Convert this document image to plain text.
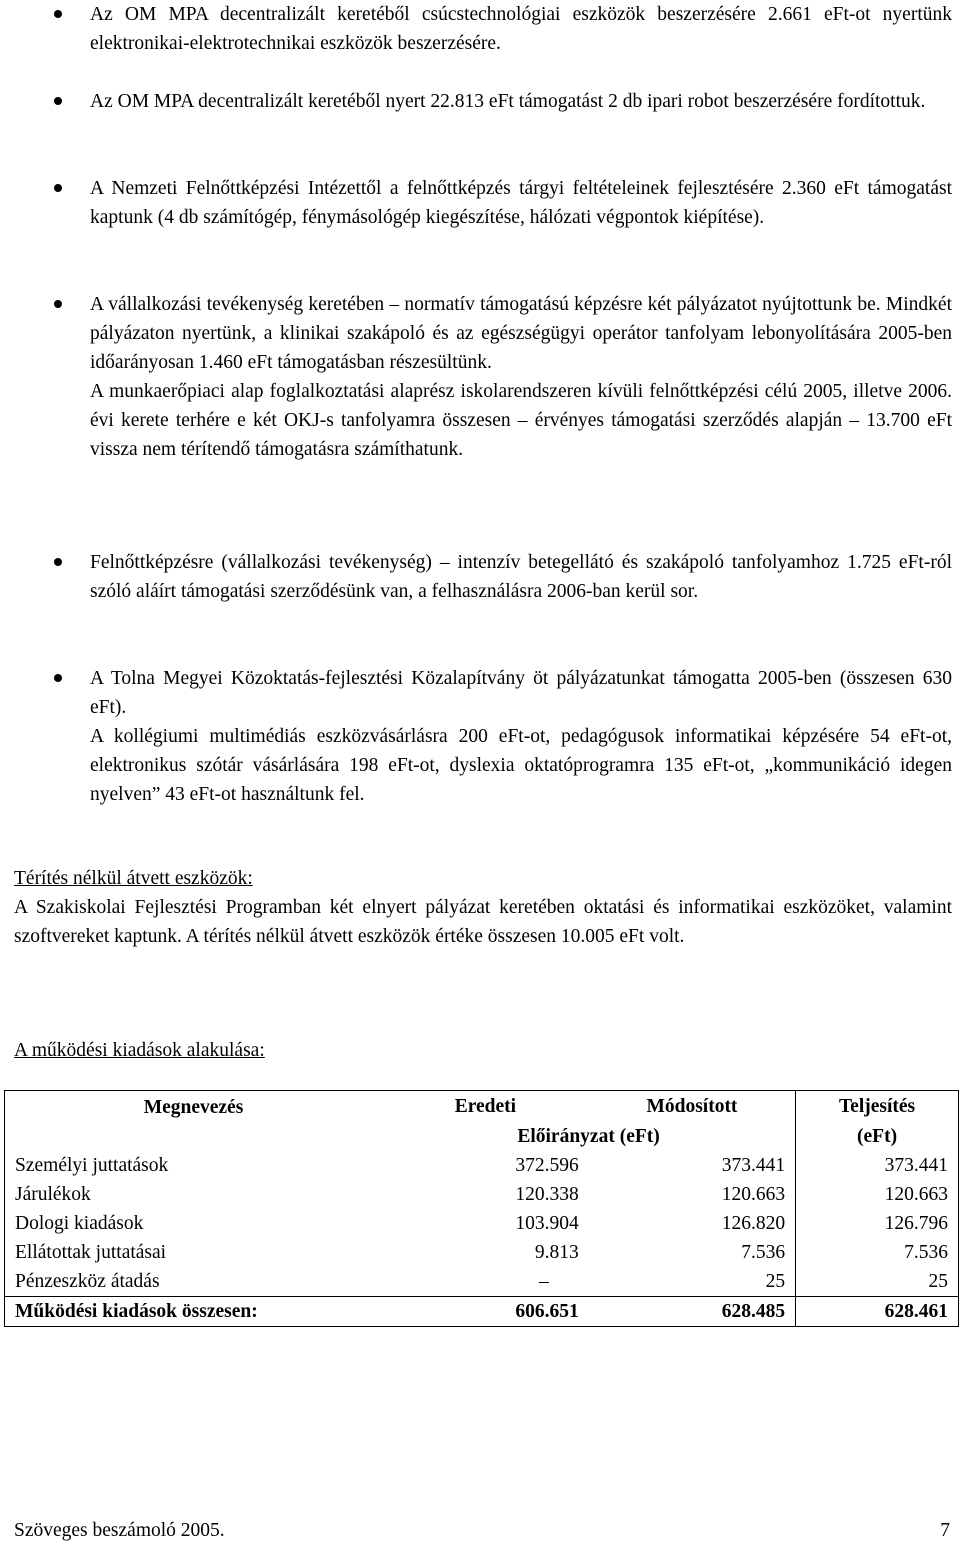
Az OM MPA decentralizált keretéből csúcstechnológiai eszközök beszerzésére 2.661 eFt-ot nyertünk elektronikai-elektrotechnikai eszközök beszerzésére.
Az OM MPA decentralizált keretéből nyert 22.813 eFt támogatást 2 db ipari robot beszerzésére fordítottuk.
A Nemzeti Felnőttképzési Intézettől a felnőttképzés tárgyi feltételeinek fejlesztésére 2.360 eFt támogatást kaptunk (4 db számítógép, fénymásológép kiegészítése, hálózati végpontok kiépítése).
A vállalkozási tevékenység keretében – normatív támogatású képzésre két pályázatot nyújtottunk be. Mindkét pályázaton nyertünk, a klinikai szakápoló és az egészségügyi operátor tanfolyam lebonyolítására 2005-ben időarányosan 1.460 eFt támogatásban részesültünk.
A munkaerőpiaci alap foglalkoztatási alaprész iskolarendszeren kívüli felnőttképzési célú 2005, illetve 2006. évi kerete terhére e két OKJ-s tanfolyamra összesen – érvényes támogatási szerződés alapján – 13.700 eFt vissza nem térítendő támogatásra számíthatunk.
Felnőttképzésre (vállalkozási tevékenység) – intenzív betegellátó és szakápoló tanfolyamhoz 1.725 eFt-ról szóló aláírt támogatási szerződésünk van, a felhasználásra 2006-ban kerül sor.
A Tolna Megyei Közoktatás-fejlesztési Közalapítvány öt pályázatunkat támogatta 2005-ben (összesen 630 eFt).
A kollégiumi multimédiás eszközvásárlásra 200 eFt-ot, pedagógusok informatikai képzésére 54 eFt-ot, elektronikus szótár vásárlására 198 eFt-ot, dyslexia oktatóprogramra 135 eFt-ot, „kommunikáció idegen nyelven” 43 eFt-ot használtunk fel.
Térítés nélkül átvett eszközök:
A Szakiskolai Fejlesztési Programban két elnyert pályázat keretében oktatási és informatikai eszközöket, valamint szoftvereket kaptunk. A térítés nélkül átvett eszközök értéke összesen 10.005 eFt volt.
A működési kiadások alakulása:
Megnevezés	Eredeti	Módosított	Teljesítés
	Előirányzat (eFt)		(eFt)
Személyi juttatások	372.596	373.441	373.441
Járulékok	120.338	120.663	120.663
Dologi kiadások	103.904	126.820	126.796
Ellátottak juttatásai	9.813	7.536	7.536
Pénzeszköz átadás	–	25	25
Működési kiadások összesen:	606.651	628.485	628.461
Szöveges beszámoló 2005.	7
